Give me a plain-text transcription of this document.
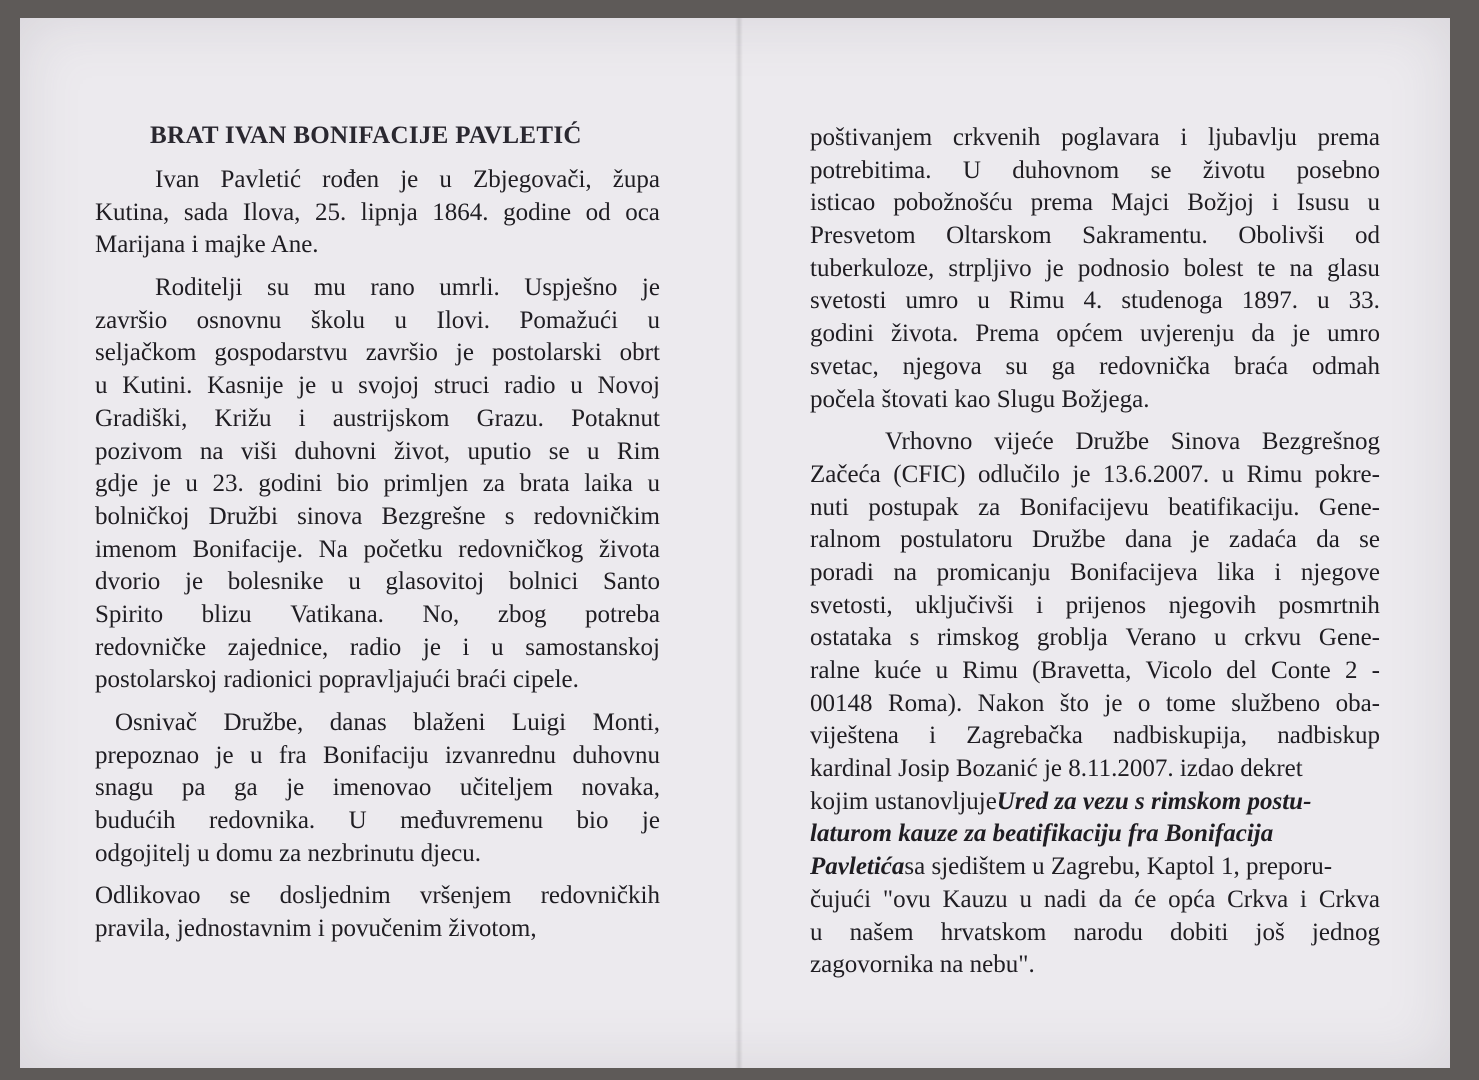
BRAT IVAN BONIFACIJE PAVLETIĆ
Ivan Pavletić rođen je u Zbjegovači, župa
Kutina, sada Ilova, 25. lipnja 1864. godine od oca
Marijana i majke Ane.
Roditelji su mu rano umrli. Uspješno je
završio osnovnu školu u Ilovi. Pomažući u
seljačkom gospodarstvu završio je postolarski obrt
u Kutini. Kasnije je u svojoj struci radio u Novoj
Gradiški, Križu i austrijskom Grazu. Potaknut
pozivom na viši duhovni život, uputio se u Rim
gdje je u 23. godini bio primljen za brata laika u
bolničkoj Družbi sinova Bezgrešne s redovničkim
imenom Bonifacije. Na početku redovničkog života
dvorio je bolesnike u glasovitoj bolnici Santo
Spirito blizu Vatikana. No, zbog potreba
redovničke zajednice, radio je i u samostanskoj
postolarskoj radionici popravljajući braći cipele.
Osnivač Družbe, danas blaženi Luigi Monti,
prepoznao je u fra Bonifaciju izvanrednu duhovnu
snagu pa ga je imenovao učiteljem novaka,
budućih redovnika. U međuvremenu bio je
odgojitelj u domu za nezbrinutu djecu.
Odlikovao se dosljednim vršenjem redovničkih
pravila, jednostavnim i povučenim životom,
poštivanjem crkvenih poglavara i ljubavlju prema
potrebitima. U duhovnom se životu posebno
isticao pobožnošću prema Majci Božjoj i Isusu u
Presvetom Oltarskom Sakramentu. Obolivši od
tuberkuloze, strpljivo je podnosio bolest te na glasu
svetosti umro u Rimu 4. studenoga 1897. u 33.
godini života. Prema općem uvjerenju da je umro
svetac, njegova su ga redovnička braća odmah
počela štovati kao Slugu Božjega.
Vrhovno vijeće Družbe Sinova Bezgrešnog
Začeća (CFIC) odlučilo je 13.6.2007. u Rimu pokre-
nuti postupak za Bonifacijevu beatifikaciju. Gene-
ralnom postulatoru Družbe dana je zadaća da se
poradi na promicanju Bonifacijeva lika i njegove
svetosti, uključivši i prijenos njegovih posmrtnih
ostataka s rimskog groblja Verano u crkvu Gene-
ralne kuće u Rimu (Bravetta, Vicolo del Conte 2 -
00148 Roma). Nakon što je o tome službeno oba-
viještena i Zagrebačka nadbiskupija, nadbiskup
kardinal Josip Bozanić je 8.11.2007. izdao dekret
kojim ustanovljujeUred za vezu s rimskom postu-
laturom kauze za beatifikaciju fra Bonifacija
Pavletićasa sjedištem u Zagrebu, Kaptol 1, preporu-
čujući "ovu Kauzu u nadi da će opća Crkva i Crkva
u našem hrvatskom narodu dobiti još jednog
zagovornika na nebu".
